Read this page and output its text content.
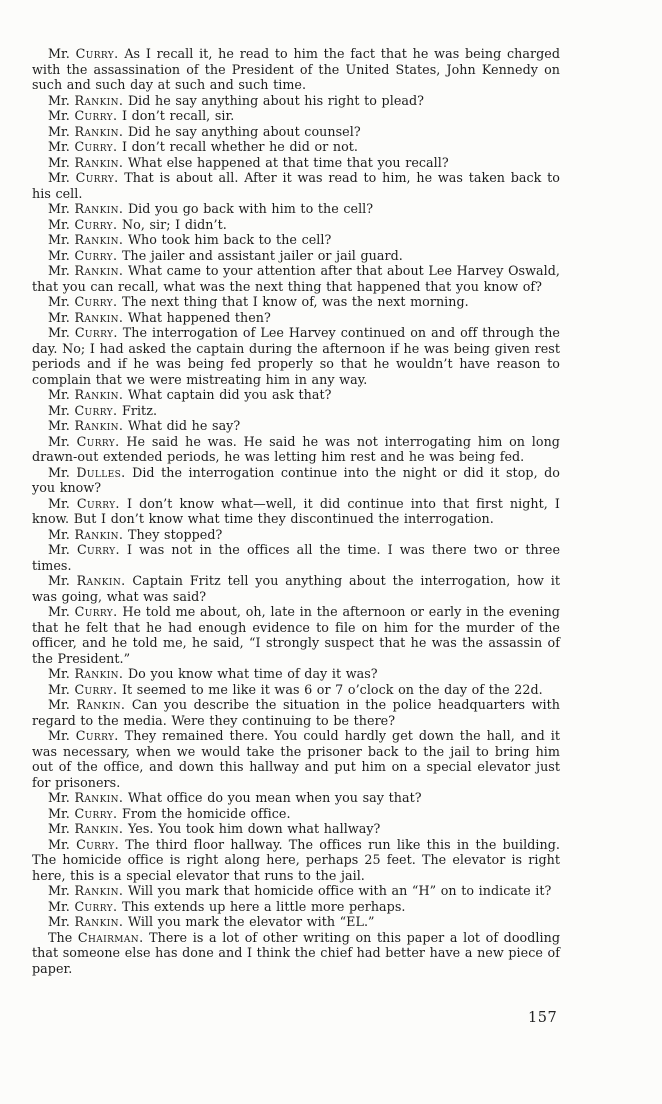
Mr. Curry. As I recall it, he read to him the fact that he was being charged with the assassination of the President of the United States, John Kennedy on such and such day at such and such time.

Mr. Rankin. Did he say anything about his right to plead?

Mr. Curry. I don’t recall, sir.

Mr. Rankin. Did he say anything about counsel?

Mr. Curry. I don’t recall whether he did or not.

Mr. Rankin. What else happened at that time that you recall?

Mr. Curry. That is about all. After it was read to him, he was taken back to his cell.

Mr. Rankin. Did you go back with him to the cell?

Mr. Curry. No, sir; I didn’t.

Mr. Rankin. Who took him back to the cell?

Mr. Curry. The jailer and assistant jailer or jail guard.

Mr. Rankin. What came to your attention after that about Lee Harvey Oswald, that you can recall, what was the next thing that happened that you know of?

Mr. Curry. The next thing that I know of, was the next morning.

Mr. Rankin. What happened then?

Mr. Curry. The interrogation of Lee Harvey continued on and off through the day. No; I had asked the captain during the afternoon if he was being given rest periods and if he was being fed properly so that he wouldn’t have reason to complain that we were mistreating him in any way.

Mr. Rankin. What captain did you ask that?

Mr. Curry. Fritz.

Mr. Rankin. What did he say?

Mr. Curry. He said he was. He said he was not interrogating him on long drawn-out extended periods, he was letting him rest and he was being fed.

Mr. Dulles. Did the interrogation continue into the night or did it stop, do you know?

Mr. Curry. I don’t know what—well, it did continue into that first night, I know. But I don’t know what time they discontinued the interrogation.

Mr. Rankin. They stopped?

Mr. Curry. I was not in the offices all the time. I was there two or three times.

Mr. Rankin. Captain Fritz tell you anything about the interrogation, how it was going, what was said?

Mr. Curry. He told me about, oh, late in the afternoon or early in the evening that he felt that he had enough evidence to file on him for the murder of the officer, and he told me, he said, “I strongly suspect that he was the assassin of the President.”

Mr. Rankin. Do you know what time of day it was?

Mr. Curry. It seemed to me like it was 6 or 7 o’clock on the day of the 22d.

Mr. Rankin. Can you describe the situation in the police headquarters with regard to the media. Were they continuing to be there?

Mr. Curry. They remained there. You could hardly get down the hall, and it was necessary, when we would take the prisoner back to the jail to bring him out of the office, and down this hallway and put him on a special elevator just for prisoners.

Mr. Rankin. What office do you mean when you say that?

Mr. Curry. From the homicide office.

Mr. Rankin. Yes. You took him down what hallway?

Mr. Curry. The third floor hallway. The offices run like this in the building. The homicide office is right along here, perhaps 25 feet. The elevator is right here, this is a special elevator that runs to the jail.

Mr. Rankin. Will you mark that homicide office with an “H” on to indicate it?

Mr. Curry. This extends up here a little more perhaps.

Mr. Rankin. Will you mark the elevator with “EL.”

The Chairman. There is a lot of other writing on this paper a lot of doodling that someone else has done and I think the chief had better have a new piece of paper.

157
